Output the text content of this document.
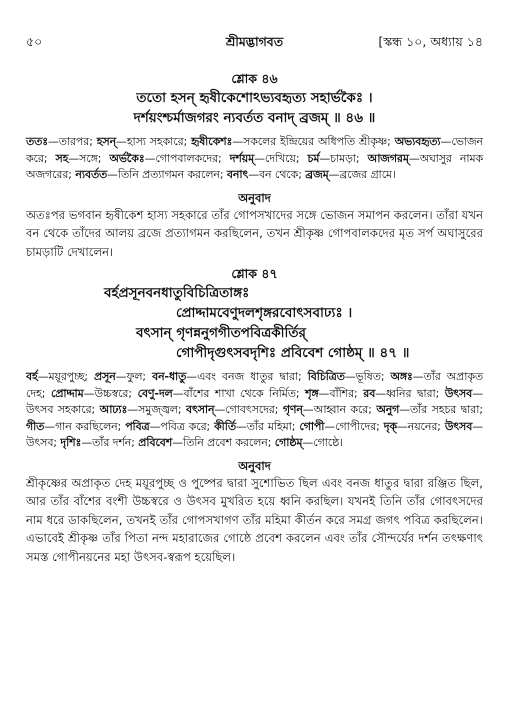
৫০	শ্রীমদ্ভাগবত	[স্কন্ধ ১০, অধ্যায় ১৪
শ্লোক ৪৬
ততো হসন্ হৃষীকেশোঽভ্যবহৃত্য সহার্ভকৈঃ ।
দর্শয়ংশ্চর্মাজগরং ন্যবর্তত বনাদ্ ব্রজম্ ॥ ৪৬ ॥
ততঃ—তারপর; হসন্—হাস্য সহকারে; হৃষীকেশঃ—সকলের ইন্দ্রিয়ের অধিপতি শ্রীকৃষ্ণ; অভ্যবহৃত্য—ভোজন করে; সহ—সঙ্গে; অর্ভকৈঃ—গোপবালকদের; দর্শয়ম্—দেখিয়ে; চর্ম—চামড়া; আজগরম্—অঘাসুর নামক অজগরের; ন্যবর্তত—তিনি প্রত্যাগমন করলেন; বনাৎ—বন থেকে; ব্রজম্—ব্রজের গ্রামে।
অনুবাদ
অতঃপর ভগবান হৃষীকেশ হাস্য সহকারে তাঁর গোপসখাদের সঙ্গে ভোজন সমাপন করলেন। তাঁরা যখন বন থেকে তাঁদের আলয় ব্রজে প্রত্যাগমন করছিলেন, তখন শ্রীকৃষ্ণ গোপবালকদের মৃত সর্প অঘাসুরের চামড়াটি দেখালেন।
শ্লোক ৪৭
বর্হপ্রসূনবনধাতুবিচিত্রিতাঙ্গঃ
প্রোদ্দামবেণুদলশৃঙ্গরবোৎসবাঢ্যঃ ।
বৎসান্ গৃণন্ননুগগীতপবিত্রকীর্তির্
গোপীদৃগুৎসবদৃশিঃ প্রবিবেশ গোষ্ঠম্ ॥ ৪৭ ॥
বর্হ—ময়ূরপুচ্ছ; প্রসূন—ফুল; বন-ধাতু—এবং বনজ ধাতুর দ্বারা; বিচিত্রিত—ভূষিত; অঙ্গঃ—তাঁর অপ্রাকৃত দেহ; প্রোদ্দাম—উচ্চস্বরে; বেণু-দল—বাঁশের শাখা থেকে নির্মিত; শৃঙ্গ—বাঁশির; রব—ধ্বনির দ্বারা; উৎসব—উৎসব সহকারে; আঢ্যঃ—সমুজ্জ্বল; বৎসান্—গোবৎসদের; গৃণন্—আহ্বান করে; অনুগ—তাঁর সহচর দ্বারা; গীত—গান করছিলেন; পবিত্র—পবিত্র করে; কীর্তি—তাঁর মহিমা; গোপী—গোপীদের; দৃক্—নয়নের; উৎসব—উৎসব; দৃশিঃ—তাঁর দর্শন; প্রবিবেশ—তিনি প্রবেশ করলেন; গোষ্ঠম্—গোষ্ঠে।
অনুবাদ
শ্রীকৃষ্ণের অপ্রাকৃত দেহ ময়ূরপুচ্ছ ও পুষ্পের দ্বারা সুশোভিত ছিল এবং বনজ ধাতুর দ্বারা রঞ্জিত ছিল, আর তাঁর বাঁশের বংশী উচ্চস্বরে ও উৎসব মুখরিত হয়ে ধ্বনি করছিল। যখনই তিনি তাঁর গোবৎসদের নাম ধরে ডাকছিলেন, তখনই তাঁর গোপসখাগণ তাঁর মহিমা কীর্তন করে সমগ্র জগৎ পবিত্র করছিলেন। এভাবেই শ্রীকৃষ্ণ তাঁর পিতা নন্দ মহারাজের গোষ্ঠে প্রবেশ করলেন এবং তাঁর সৌন্দর্যের দর্শন তৎক্ষণাৎ সমস্ত গোপীনয়নের মহা উৎসব-স্বরূপ হয়েছিল।
